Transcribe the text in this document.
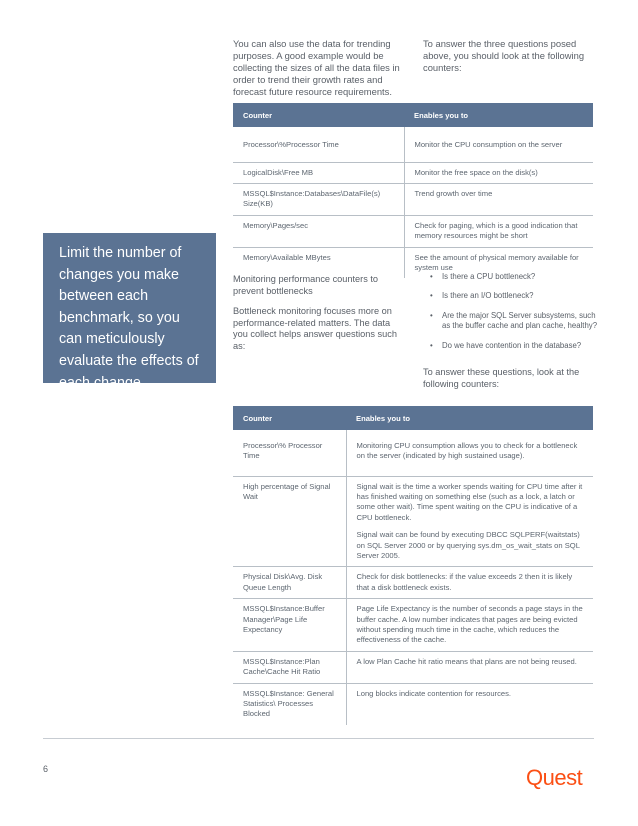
You can also use the data for trending purposes. A good example would be collecting the sizes of all the data files in order to trend their growth rates and forecast future resource requirements.

To answer the three questions posed above, you should look at the following counters:

Counter	Enables you to
Processor\%Processor Time	Monitor the CPU consumption on the server
LogicalDisk\Free MB	Monitor the free space on the disk(s)
MSSQL$Instance:Databases\DataFile(s) Size(KB)	Trend growth over time
Memory\Pages/sec	Check for paging, which is a good indication that memory resources might be short
Memory\Available MBytes	See the amount of physical memory available for system use
Limit the number of changes you make between each benchmark, so you can meticulously evaluate the effects of each change.

Monitoring performance counters to prevent bottlenecks

Bottleneck monitoring focuses more on performance-related matters. The data you collect helps answer questions such as:

• Is there a CPU bottleneck?
• Is there an I/O bottleneck?
• Are the major SQL Server subsystems, such as the buffer cache and plan cache, healthy?
• Do we have contention in the database?

To answer these questions, look at the following counters:

Counter	Enables you to
Processor\% Processor Time	Monitoring CPU consumption allows you to check for a bottleneck on the server (indicated by high sustained usage).

High percentage of Signal Wait	Signal wait is the time a worker spends waiting for CPU time after it has finished waiting on something else (such as a lock, a latch or some other wait). Time spent waiting on the CPU is indicative of a CPU bottleneck.

Signal wait can be found by executing DBCC SQLPERF(waitstats) on SQL Server 2000 or by querying sys.dm_os_wait_stats on SQL Server 2005.

Physical Disk\Avg. Disk Queue Length	Check for disk bottlenecks: if the value exceeds 2 then it is likely that a disk bottleneck exists.

MSSQL$Instance:Buffer Manager\Page Life Expectancy	Page Life Expectancy is the number of seconds a page stays in the buffer cache. A low number indicates that pages are being evicted without spending much time in the cache, which reduces the effectiveness of the cache.

MSSQL$Instance:Plan Cache\Cache Hit Ratio	A low Plan Cache hit ratio means that plans are not being reused.

MSSQL$Instance: General Statistics\ Processes Blocked	Long blocks indicate contention for resources.

6	Quest
